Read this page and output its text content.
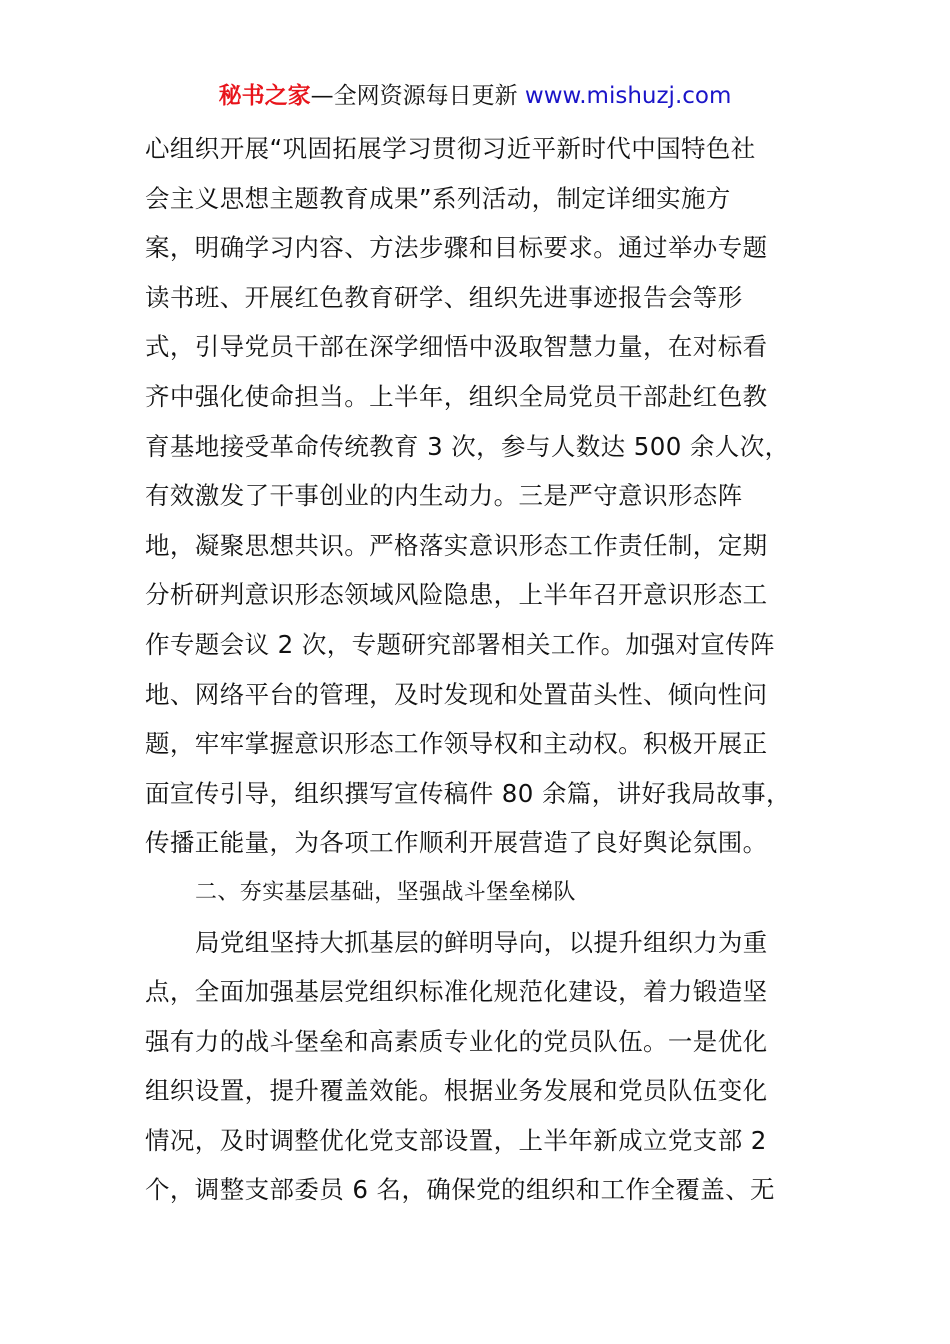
秘书之家—全网资源每日更新 www.mishuzj.com
心组织开展“巩固拓展学习贯彻习近平新时代中国特色社
会主义思想主题教育成果”系列活动，制定详细实施方
案，明确学习内容、方法步骤和目标要求。通过举办专题
读书班、开展红色教育研学、组织先进事迹报告会等形
式，引导党员干部在深学细悟中汲取智慧力量，在对标看
齐中强化使命担当。上半年，组织全局党员干部赴红色教
育基地接受革命传统教育 3 次，参与人数达 500 余人次，
有效激发了干事创业的内生动力。三是严守意识形态阵
地，凝聚思想共识。严格落实意识形态工作责任制，定期
分析研判意识形态领域风险隐患，上半年召开意识形态工
作专题会议 2 次，专题研究部署相关工作。加强对宣传阵
地、网络平台的管理，及时发现和处置苗头性、倾向性问
题，牢牢掌握意识形态工作领导权和主动权。积极开展正
面宣传引导，组织撰写宣传稿件 80 余篇，讲好我局故事，
传播正能量，为各项工作顺利开展营造了良好舆论氛围。
二、夯实基层基础，坚强战斗堡垒梯队
局党组坚持大抓基层的鲜明导向，以提升组织力为重
点，全面加强基层党组织标准化规范化建设，着力锻造坚
强有力的战斗堡垒和高素质专业化的党员队伍。一是优化
组织设置，提升覆盖效能。根据业务发展和党员队伍变化
情况，及时调整优化党支部设置，上半年新成立党支部 2
个，调整支部委员 6 名，确保党的组织和工作全覆盖、无
